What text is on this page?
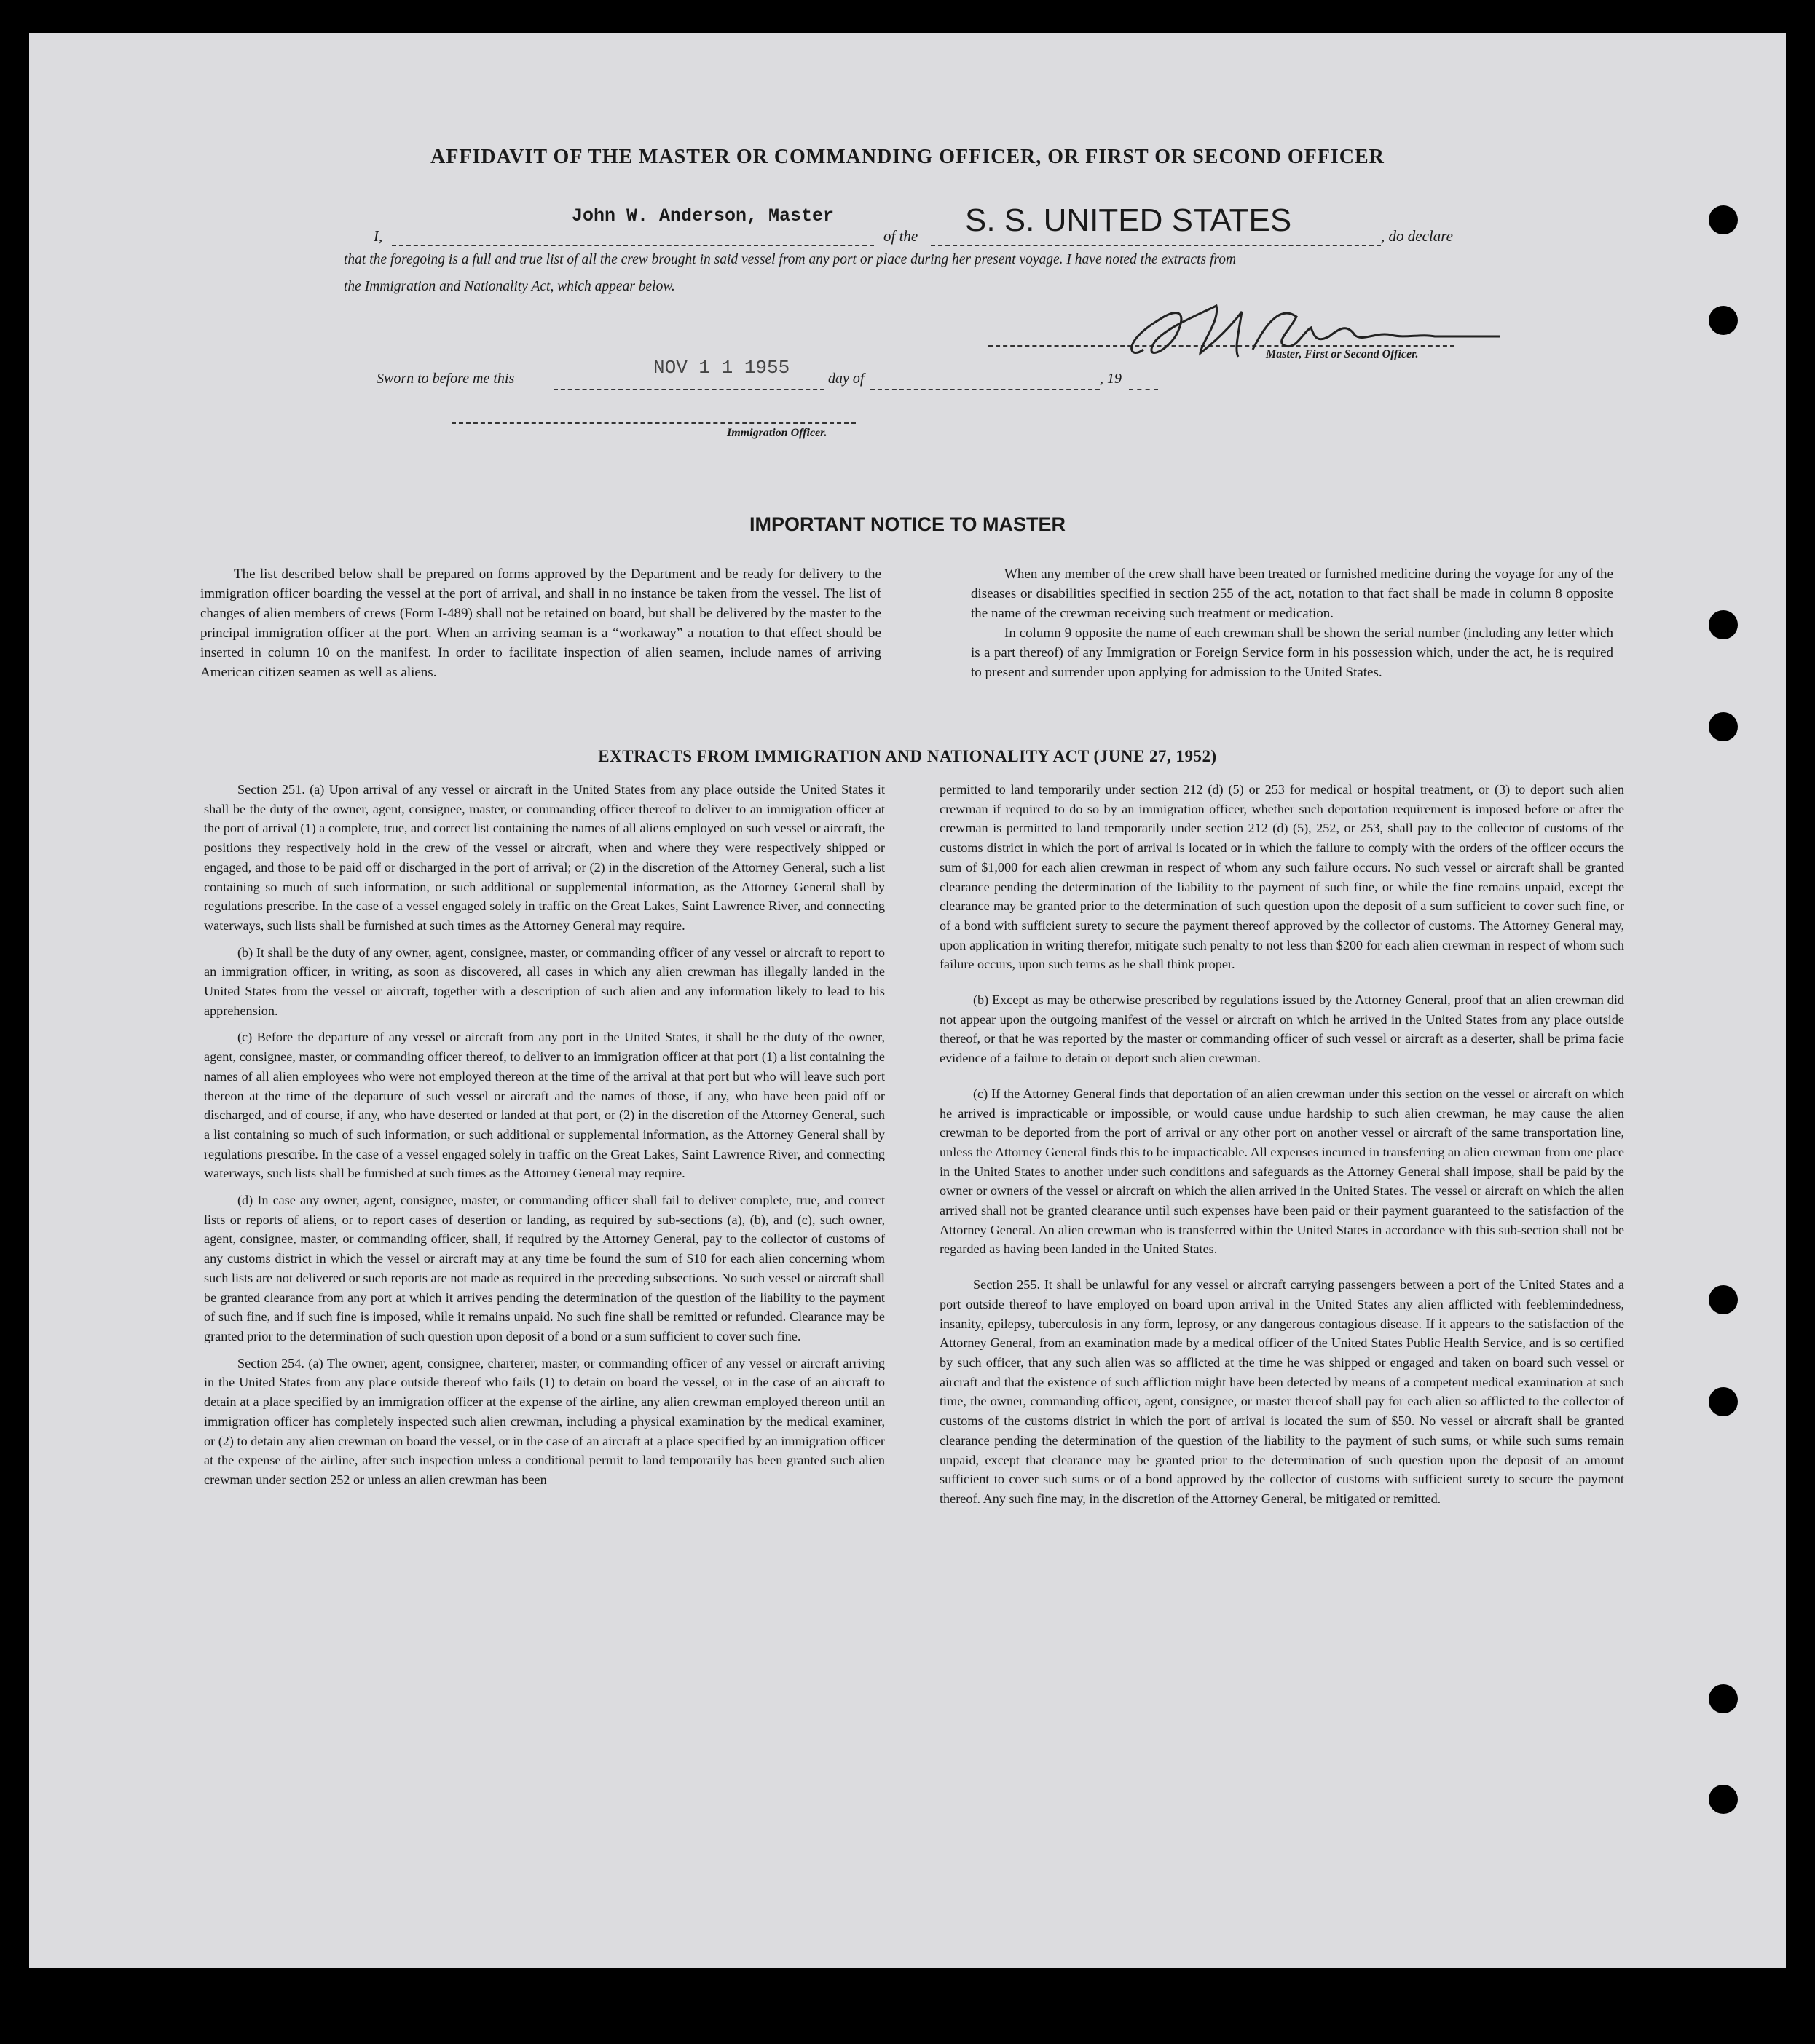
AFFIDAVIT OF THE MASTER OR COMMANDING OFFICER, OR FIRST OR SECOND OFFICER
I,
John W. Anderson, Master
of the S. S. UNITED STATES	, do declare
that the foregoing is a full and true list of all the crew brought in said vessel from any port or place during her present voyage. I have noted the extracts from
the Immigration and Nationality Act, which appear below.
Master, First or Second Officer.
Sworn to before me this	NOV 1 1 1955	day of	, 19
Immigration Officer.
IMPORTANT NOTICE TO MASTER

The list described below shall be prepared on forms approved by the Department and be ready for delivery to the immigration officer boarding the vessel at the port of arrival, and shall in no instance be taken from the vessel. The list of changes of alien members of crews (Form I-489) shall not be retained on board, but shall be delivered by the master to the principal immigration officer at the port. When an arriving seaman is a “workaway” a notation to that effect should be inserted in column 10 on the manifest. In order to facilitate inspection of alien seamen, include names of arriving American citizen seamen as well as aliens.

When any member of the crew shall have been treated or furnished medicine during the voyage for any of the diseases or disabilities specified in section 255 of the act, notation to that fact shall be made in column 8 opposite the name of the crewman receiving such treatment or medication.

In column 9 opposite the name of each crewman shall be shown the serial number (including any letter which is a part thereof) of any Immigration or Foreign Service form in his possession which, under the act, he is required to present and surrender upon applying for admission to the United States.

EXTRACTS FROM IMMIGRATION AND NATIONALITY ACT (JUNE 27, 1952)

Section 251. (a) Upon arrival of any vessel or aircraft in the United States from any place outside the United States it shall be the duty of the owner, agent, consignee, master, or commanding officer thereof to deliver to an immigration officer at the port of arrival (1) a complete, true, and correct list containing the names of all aliens employed on such vessel or aircraft, the positions they respectively hold in the crew of the vessel or aircraft, when and where they were respectively shipped or engaged, and those to be paid off or discharged in the port of arrival; or (2) in the discretion of the Attorney General, such a list containing so much of such information, or such additional or supplemental information, as the Attorney General shall by regulations prescribe. In the case of a vessel engaged solely in traffic on the Great Lakes, Saint Lawrence River, and connecting waterways, such lists shall be furnished at such times as the Attorney General may require.

(b) It shall be the duty of any owner, agent, consignee, master, or commanding officer of any vessel or aircraft to report to an immigration officer, in writing, as soon as discovered, all cases in which any alien crewman has illegally landed in the United States from the vessel or aircraft, together with a description of such alien and any information likely to lead to his apprehension.

(c) Before the departure of any vessel or aircraft from any port in the United States, it shall be the duty of the owner, agent, consignee, master, or commanding officer thereof, to deliver to an immigration officer at that port (1) a list containing the names of all alien employees who were not employed thereon at the time of the arrival at that port but who will leave such port thereon at the time of the departure of such vessel or aircraft and the names of those, if any, who have been paid off or discharged, and of course, if any, who have deserted or landed at that port, or (2) in the discretion of the Attorney General, such a list containing so much of such information, or such additional or supplemental information, as the Attorney General shall by regulations prescribe. In the case of a vessel engaged solely in traffic on the Great Lakes, Saint Lawrence River, and connecting waterways, such lists shall be furnished at such times as the Attorney General may require.

(d) In case any owner, agent, consignee, master, or commanding officer shall fail to deliver complete, true, and correct lists or reports of aliens, or to report cases of desertion or landing, as required by sub-sections (a), (b), and (c), such owner, agent, consignee, master, or commanding officer, shall, if required by the Attorney General, pay to the collector of customs of any customs district in which the vessel or aircraft may at any time be found the sum of $10 for each alien concerning whom such lists are not delivered or such reports are not made as required in the preceding subsections. No such vessel or aircraft shall be granted clearance from any port at which it arrives pending the determination of the question of the liability to the payment of such fine, and if such fine is imposed, while it remains unpaid. No such fine shall be remitted or refunded. Clearance may be granted prior to the determination of such question upon deposit of a bond or a sum sufficient to cover such fine.

Section 254. (a) The owner, agent, consignee, charterer, master, or commanding officer of any vessel or aircraft arriving in the United States from any place outside thereof who fails (1) to detain on board the vessel, or in the case of an aircraft to detain at a place specified by an immigration officer at the expense of the airline, any alien crewman employed thereon until an immigration officer has completely inspected such alien crewman, including a physical examination by the medical examiner, or (2) to detain any alien crewman on board the vessel, or in the case of an aircraft at a place specified by an immigration officer at the expense of the airline, after such inspection unless a conditional permit to land temporarily has been granted such alien crewman under section 252 or unless an alien crewman has been

permitted to land temporarily under section 212 (d) (5) or 253 for medical or hospital treatment, or (3) to deport such alien crewman if required to do so by an immigration officer, whether such deportation requirement is imposed before or after the crewman is permitted to land temporarily under section 212 (d) (5), 252, or 253, shall pay to the collector of customs of the customs district in which the port of arrival is located or in which the failure to comply with the orders of the officer occurs the sum of $1,000 for each alien crewman in respect of whom any such failure occurs. No such vessel or aircraft shall be granted clearance pending the determination of the liability to the payment of such fine, or while the fine remains unpaid, except the clearance may be granted prior to the determination of such question upon the deposit of a sum sufficient to cover such fine, or of a bond with sufficient surety to secure the payment thereof approved by the collector of customs. The Attorney General may, upon application in writing therefor, mitigate such penalty to not less than $200 for each alien crewman in respect of whom such failure occurs, upon such terms as he shall think proper.

(b) Except as may be otherwise prescribed by regulations issued by the Attorney General, proof that an alien crewman did not appear upon the outgoing manifest of the vessel or aircraft on which he arrived in the United States from any place outside thereof, or that he was reported by the master or commanding officer of such vessel or aircraft as a deserter, shall be prima facie evidence of a failure to detain or deport such alien crewman.

(c) If the Attorney General finds that deportation of an alien crewman under this section on the vessel or aircraft on which he arrived is impracticable or impossible, or would cause undue hardship to such alien crewman, he may cause the alien crewman to be deported from the port of arrival or any other port on another vessel or aircraft of the same transportation line, unless the Attorney General finds this to be impracticable. All expenses incurred in transferring an alien crewman from one place in the United States to another under such conditions and safeguards as the Attorney General shall impose, shall be paid by the owner or owners of the vessel or aircraft on which the alien arrived in the United States. The vessel or aircraft on which the alien arrived shall not be granted clearance until such expenses have been paid or their payment guaranteed to the satisfaction of the Attorney General. An alien crewman who is transferred within the United States in accordance with this sub-section shall not be regarded as having been landed in the United States.

Section 255. It shall be unlawful for any vessel or aircraft carrying passengers between a port of the United States and a port outside thereof to have employed on board upon arrival in the United States any alien afflicted with feeblemindedness, insanity, epilepsy, tuberculosis in any form, leprosy, or any dangerous contagious disease. If it appears to the satisfaction of the Attorney General, from an examination made by a medical officer of the United States Public Health Service, and is so certified by such officer, that any such alien was so afflicted at the time he was shipped or engaged and taken on board such vessel or aircraft and that the existence of such affliction might have been detected by means of a competent medical examination at such time, the owner, commanding officer, agent, consignee, or master thereof shall pay for each alien so afflicted to the collector of customs of the customs district in which the port of arrival is located the sum of $50. No vessel or aircraft shall be granted clearance pending the determination of the question of the liability to the payment of such sums, or while such sums remain unpaid, except that clearance may be granted prior to the determination of such question upon the deposit of an amount sufficient to cover such sums or of a bond approved by the collector of customs with sufficient surety to secure the payment thereof. Any such fine may, in the discretion of the Attorney General, be mitigated or remitted.
